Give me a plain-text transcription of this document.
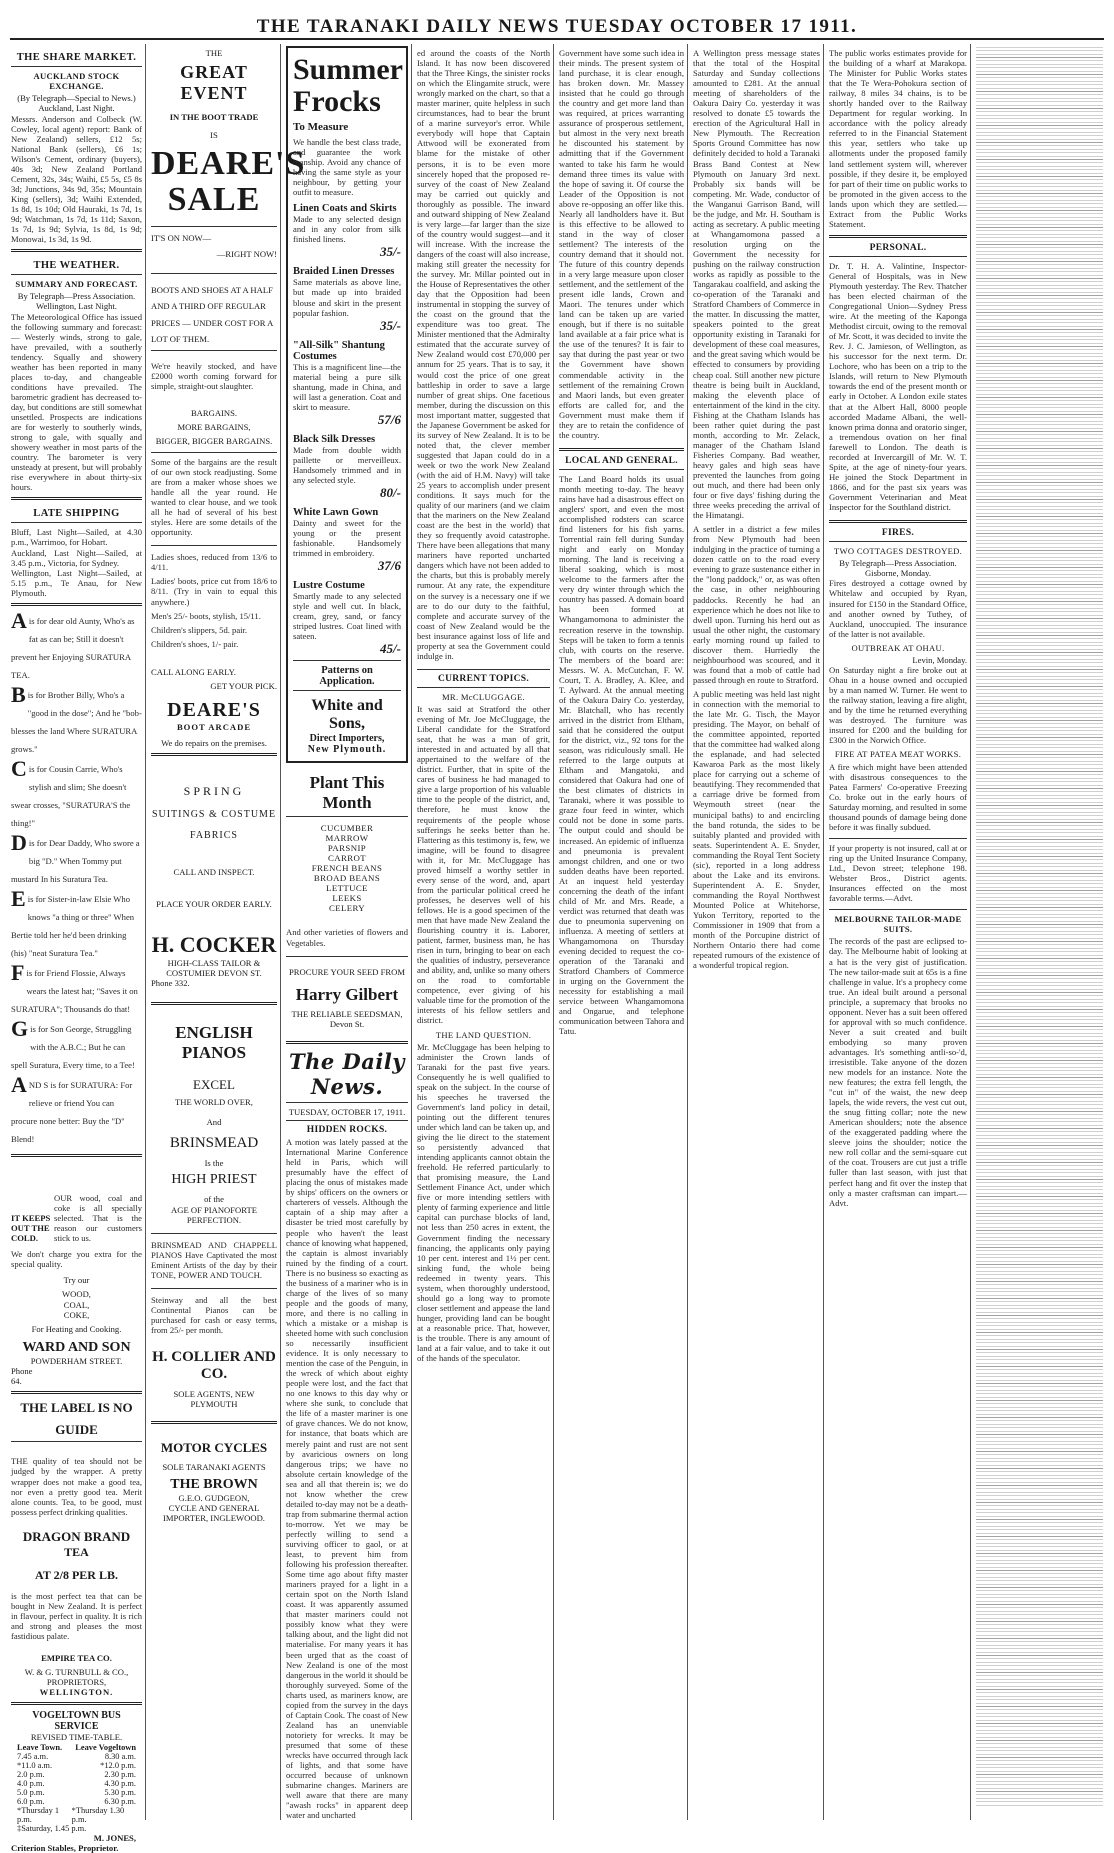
THE TARANAKI DAILY NEWS TUESDAY OCTOBER 17 1911.
THE SHARE MARKET.
AUCKLAND STOCK EXCHANGE.
(By Telegraph—Special to News.) Auckland, Last Night.
Messrs. Anderson and Colbeck (W. Cowley, local agent) report: Bank of New Zealand) sellers, £12 5s; National Bank (sellers), £6 1s; Wilson's Cement, ordinary (buyers), 40s 3d; New Zealand Portland Cement, 32s, 34s; Waihi, £5 5s, £5 8s 3d; Junctions, 34s 9d, 35s; Mountain King (sellers), 3d; Waihi Extended, 1s 8d, 1s 10d; Old Hauraki, 1s 7d, 1s 9d; Watchman, 1s 7d, 1s 11d; Saxon, 1s 7d, 1s 9d; Sylvia, 1s 8d, 1s 9d; Monowai, 1s 3d, 1s 9d.
THE WEATHER.
SUMMARY AND FORECAST.
By Telegraph—Press Association. Wellington, Last Night.
The Meteorological Office has issued the following summary and forecast: — Westerly winds, strong to gale, have prevailed, with a southerly tendency. Squally and showery weather has been reported in many places to-day, and changeable conditions have prevailed. The barometric gradient has decreased to-day, but conditions are still somewhat unsettled. Prospects are indications are for westerly to southerly winds, strong to gale, with squally and showery weather in most parts of the country. The barometer is very unsteady at present, but will probably rise everywhere in about thirty-six hours.
LATE SHIPPING
Bluff, Last Night—Sailed, at 4.30 p.m., Warrimoo, for Hobart.
Auckland, Last Night—Sailed, at 3.45 p.m., Victoria, for Sydney.
Wellington, Last Night—Sailed, at 5.15 p.m., Te Anau, for New Plymouth.
Ais for dear old Aunty, Who's as fat as can be; Still it doesn't prevent her Enjoying SURATURA TEA.
Bis for Brother Billy, Who's a "good in the dose"; And he "bob-blesses the land Where SURATURA grows."
Cis for Cousin Carrie, Who's stylish and slim; She doesn't swear crosses, "SURATURA'S the thing!"
Dis for Dear Daddy, Who swore a big "D." When Tommy put mustard In his Suratura Tea.
Eis for Sister-in-law Elsie Who knows "a thing or three" When Bertie told her he'd been drinking (his) "neat Suratura Tea."
Fis for Friend Flossie, Always wears the latest hat; "Saves it on SURATURA"; Thousands do that!
Gis for Son George, Struggling with the A.B.C.; But he can spell Suratura, Every time, to a Tee!
AND S is for SURATURA: For relieve or friend You can procure none better: Buy the "D" Blend!
IT KEEPS OUT THE COLD.
OUR wood, coal and coke is all specially selected. That is the reason our customers stick to us.
We don't charge you extra for the special quality.
Try our
WOOD,
COAL,
COKE,
For Heating and Cooking.
WARD AND SON
POWDERHAM STREET.
Phone 64.
THE LABEL IS NO
GUIDE
THE quality of tea should not be judged by the wrapper. A pretty wrapper does not make a good tea, nor even a pretty good tea. Merit alone counts. Tea, to be good, must possess perfect drinking qualities.
DRAGON BRAND
TEA
AT 2/8 PER LB.
is the most perfect tea that can be bought in New Zealand. It is perfect in flavour, perfect in quality. It is rich and strong and pleases the most fastidious palate.
EMPIRE TEA CO.
W. & G. TURNBULL & CO.,
PROPRIETORS,
WELLINGTON.
VOGELTOWN BUS SERVICE
REVISED TIME-TABLE.
Leave Town. Leave Vogeltown
7.45 a.m.	8.30 a.m.
*11.0 a.m.	*12.0 p.m.
2.0 p.m.	2.30 p.m.
4.0 p.m.	4.30 p.m.
5.0 p.m.	5.30 p.m.
6.0 p.m.	6.30 p.m.
*Thursday 1 p.m.
*Thursday 1.30 p.m.
‡Saturday, 1.45 p.m.
M. JONES,
Criterion Stables, Proprietor.
THE
GREAT EVENT
IN THE BOOT TRADE
IS
DEARE'S
SALE
IT'S ON NOW—
—RIGHT NOW!
BOOTS AND SHOES AT A HALF AND A THIRD OFF REGULAR PRICES — UNDER COST FOR A LOT OF THEM.
We're heavily stocked, and have £2000 worth coming forward for simple, straight-out slaughter.
BARGAINS.
MORE BARGAINS,
BIGGER, BIGGER BARGAINS.
Some of the bargains are the result of our own stock readjusting. Some are from a maker whose shoes we handle all the year round. He wanted to clear house, and we took all he had of several of his best styles. Here are some details of the opportunity.
Ladies shoes, reduced from 13/6 to 4/11.
Ladies' boots, price cut from 18/6 to 8/11. (Try in vain to equal this anywhere.)
Men's 25/- boots, stylish, 15/11.
Children's slippers, 5d. pair.
Children's shoes, 1/- pair.
CALL ALONG EARLY.
GET YOUR PICK.
DEARE'S
BOOT ARCADE
We do repairs on the premises.
SPRING
SUITINGS & COSTUME
FABRICS
CALL AND INSPECT.
PLACE YOUR ORDER EARLY.
H. COCKER
HIGH-CLASS TAILOR & COSTUMIER DEVON ST.
Phone 332.
ENGLISH PIANOS
EXCEL
THE WORLD OVER,
And
BRINSMEAD
Is the
HIGH PRIEST
of the
AGE OF PIANOFORTE PERFECTION.
BRINSMEAD AND CHAPPELL PIANOS Have Captivated the most Eminent Artists of the day by their TONE, POWER AND TOUCH.
Steinway and all the best Continental Pianos can be purchased for cash or easy terms, from 25/- per month.
H. COLLIER AND CO.
SOLE AGENTS, NEW PLYMOUTH
MOTOR CYCLES
SOLE TARANAKI AGENTS
THE BROWN
G.E.O. GUDGEON,
CYCLE AND GENERAL IMPORTER, INGLEWOOD.
Summer
Frocks
To Measure
We handle the best class trade, and guarantee the work manship. Avoid any chance of having the same style as your neighbour, by getting your outfit to measure.
Linen Coats and Skirts
Made to any selected design and in any color from silk finished linens.
35/-
Braided Linen Dresses
Same materials as above line, but made up into braided blouse and skirt in the present popular fashion.
35/-
"All-Silk" Shantung Costumes
This is a magnificent line—the material being a pure silk shantung, made in China, and will last a generation. Coat and skirt to measure.
57/6
Black Silk Dresses
Made from double width paillette or merveilleux. Handsomely trimmed and in any selected style.
80/-
White Lawn Gown
Dainty and sweet for the young or the present fashionable. Handsomely trimmed in embroidery.
37/6
Lustre Costume
Smartly made to any selected style and well cut. In black, cream, grey, sand, or fancy striped lustres. Coat lined with sateen.
45/-
Patterns on Application.
White and Sons,
Direct Importers,
New Plymouth.
Plant This Month
CUCUMBER
MARROW
PARSNIP
CARROT
FRENCH BEANS
BROAD BEANS
LETTUCE
LEEKS
CELERY
And other varieties of flowers and Vegetables.
PROCURE YOUR SEED FROM
Harry Gilbert
THE RELIABLE SEEDSMAN, Devon St.
The Daily News.
TUESDAY, OCTOBER 17, 1911.
HIDDEN ROCKS.
A motion was lately passed at the International Marine Conference held in Paris, which will presumably have the effect of placing the onus of mistakes made by ships' officers on the owners or charterers of vessels. Although the captain of a ship may after a disaster be tried most carefully by people who haven't the least chance of knowing what happened, the captain is almost invariably ruined by the finding of a court. There is no business so exacting as the business of a mariner who is in charge of the lives of so many people and the goods of many, more, and there is no calling in which a mistake or a mishap is sheeted home with such conclusion so necessarily insufficient evidence. It is only necessary to mention the case of the Penguin, in the wreck of which about eighty people were lost, and the fact that no one knows to this day why or where she sunk, to conclude that the life of a master mariner is one of grave chances. We do not know, for instance, that boats which are merely paint and rust are not sent by avaricious owners on long dangerous trips; we have no absolute certain knowledge of the sea and all that therein is; we do not know whether the crew detailed to-day may not be a death-trap from submarine thermal action to-morrow. Yet we may be perfectly willing to send a surviving officer to gaol, or at least, to prevent him from following his profession thereafter. Some time ago about fifty master mariners prayed for a light in a certain spot on the North Island coast. It was apparently assumed that master mariners could not possibly know what they were talking about, and the light did not materialise. For many years it has been urged that as the coast of New Zealand is one of the most dangerous in the world it should be thoroughly surveyed. Some of the charts used, as mariners know, are copied from the survey in the days of Captain Cook. The coast of New Zealand has an unenviable notoriety for wrecks. It may be presumed that some of these wrecks have occurred through lack of lights, and that some have occurred because of unknown submarine changes. Mariners are well aware that there are many "awash rocks" in apparent deep water and uncharted
ed around the coasts of the North Island. It has now been discovered that the Three Kings, the sinister rocks on which the Elingamite struck, were wrongly marked on the chart, so that a master mariner, quite helpless in such circumstances, had to bear the brunt of a marine surveyor's error. While everybody will hope that Captain Attwood will be exonerated from blame for the mistake of other persons, it is to be even more sincerely hoped that the proposed re-survey of the coast of New Zealand may be carried out quickly and thoroughly as possible. The inward and outward shipping of New Zealand is very large—far larger than the size of the country would suggest—and it will increase. With the increase the dangers of the coast will also increase, making still greater the necessity for the survey. Mr. Millar pointed out in the House of Representatives the other day that the Opposition had been instrumental in stopping the survey of the coast on the ground that the expenditure was too great. The Minister mentioned that the Admiralty estimated that the accurate survey of New Zealand would cost £70,000 per annum for 25 years. That is to say, it would cost the price of one great battleship in order to save a large number of great ships. One facetious member, during the discussion on this most important matter, suggested that the Japanese Government be asked for its survey of New Zealand. It is to be noted that, the clever member suggested that Japan could do in a week or two the work New Zealand (with the aid of H.M. Navy) will take 25 years to accomplish under present conditions. It says much for the quality of our mariners (and we claim that the mariners on the New Zealand coast are the best in the world) that they so frequently avoid catastrophe. There have been allegations that many mariners have reported uncharted dangers which have not been added to the charts, but this is probably merely rumour. At any rate, the expenditure on the survey is a necessary one if we are to do our duty to the faithful, complete and accurate survey of the coast of New Zealand would be the best insurance against loss of life and property at sea the Government could indulge in.
CURRENT TOPICS.
MR. McCLUGGAGE.
It was said at Stratford the other evening of Mr. Joe McCluggage, the Liberal candidate for the Stratford seat, that he was a man of grit, interested in and actuated by all that appertained to the welfare of the district. Further, that in spite of the cares of business he had managed to give a large proportion of his valuable time to the people of the district, and, therefore, he must know the requirements of the people whose sufferings he seeks better than he. Flattering as this testimony is, few, we imagine, will be found to disagree with it, for Mr. McCluggage has proved himself a worthy settler in every sense of the word, and, apart from the particular political creed he professes, he deserves well of his fellows. He is a good specimen of the men that have made New Zealand the flourishing country it is. Laborer, patient, farmer, business man, he has risen in turn, bringing to bear on each the qualities of industry, perseverance and ability, and, unlike so many others on the road to comfortable competence, ever giving of his valuable time for the promotion of the interests of his fellow settlers and district.
THE LAND QUESTION.
Mr. McCluggage has been helping to administer the Crown lands of Taranaki for the past five years. Consequently he is well qualified to speak on the subject. In the course of his speeches he traversed the Government's land policy in detail, pointing out the different tenures under which land can be taken up, and giving the lie direct to the statement so persistently advanced that intending applicants cannot obtain the freehold. He referred particularly to that promising measure, the Land Settlement Finance Act, under which five or more intending settlers with plenty of farming experience and little capital can purchase blocks of land, not less than 250 acres in extent, the Government finding the necessary financing, the applicants only paying 10 per cent. interest and 1½ per cent. sinking fund, the whole being redeemed in twenty years. This system, when thoroughly understood, should go a long way to promote closer settlement and appease the land hunger, providing land can be bought at a reasonable price. That, however, is the trouble. There is any amount of land at a fair value, and to take it out of the hands of the speculator.
Government have some such idea in their minds. The present system of land purchase, it is clear enough, has broken down. Mr. Massey insisted that he could go through the country and get more land than was required, at prices warranting assurance of prosperous settlement, but almost in the very next breath he discounted his statement by admitting that if the Government wanted to take his farm he would demand three times its value with the hope of saving it. Of course the Leader of the Opposition is not above re-opposing an offer like this. Nearly all landholders have it. But is this effective to be allowed to stand in the way of closer settlement? The interests of the country demand that it should not. The future of this country depends in a very large measure upon closer settlement, and the settlement of the present idle lands, Crown and Maori. The tenures under which land can be taken up are varied enough, but if there is no suitable land available at a fair price what is the use of the tenures? It is fair to say that during the past year or two the Government have shown commendable activity in the settlement of the remaining Crown and Maori lands, but even greater efforts are called for, and the Government must make them if they are to retain the confidence of the country.
LOCAL AND GENERAL.
The Land Board holds its usual month meeting to-day. The heavy rains have had a disastrous effect on anglers' sport, and even the most accomplished rodsters can scarce find listeners for his fish yarns. Torrential rain fell during Sunday night and early on Monday morning. The land is receiving a liberal soaking, which is most welcome to the farmers after the very dry winter through which the country has passed. A domain board has been formed at Whangamomona to administer the recreation reserve in the township. Steps will be taken to form a tennis club, with courts on the reserve. The members of the board are: Messrs. W. A. McCutchan, F. W. Court, T. A. Bradley, A. Klee, and T. Aylward. At the annual meeting of the Oakura Dairy Co. yesterday, Mr. Blatchall, who has recently arrived in the district from Eltham, said that he considered the output for the district, viz., 92 tons for the season, was ridiculously small. He referred to the large outputs at Eltham and Mangatoki, and considered that Oakura had one of the best climates of districts in Taranaki, where it was possible to graze four feed in winter, which could not be done in some parts. The output could and should be increased. An epidemic of influenza and pneumonia is prevalent amongst children, and one or two sudden deaths have been reported. At an inquest held yesterday concerning the death of the infant child of Mr. and Mrs. Reade, a verdict was returned that death was due to pneumonia supervening on influenza. A meeting of settlers at Whangamomona on Thursday evening decided to request the co-operation of the Taranaki and Stratford Chambers of Commerce in urging on the Government the necessity for establishing a mail service between Whangamomona and Ongarue, and telephone communication between Tahora and Tatu.
A Wellington press message states that the total of the Hospital Saturday and Sunday collections amounted to £281. At the annual meeting of shareholders of the Oakura Dairy Co. yesterday it was resolved to donate £5 towards the erection of the Agricultural Hall in New Plymouth. The Recreation Sports Ground Committee has now definitely decided to hold a Taranaki Brass Band Contest at New Plymouth on January 3rd next. Probably six bands will be competing. Mr. Wade, conductor of the Wanganui Garrison Band, will be the judge, and Mr. H. Southam is acting as secretary. A public meeting at Whangamomona passed a resolution urging on the Government the necessity for pushing on the railway construction works as rapidly as possible to the Tangarakau coalfield, and asking the co-operation of the Taranaki and Stratford Chambers of Commerce in the matter. In discussing the matter, speakers pointed to the great opportunity existing in Taranaki for development of these coal measures, and the great saving which would be effected to consumers by providing cheap coal. Still another new picture theatre is being built in Auckland, making the eleventh place of entertainment of the kind in the city. Fishing at the Chatham Islands has been rather quiet during the past month, according to Mr. Zelack, manager of the Chatham Island Fisheries Company. Bad weather, heavy gales and high seas have prevented the launches from going out much, and there had been only four or five days' fishing during the three weeks preceding the arrival of the Himatangi.
A settler in a district a few miles from New Plymouth had been indulging in the practice of turning a dozen cattle on to the road every evening to graze sustenance either in the "long paddock," or, as was often the case, in other neighbouring paddocks. Recently he had an experience which he does not like to dwell upon. Turning his herd out as usual the other night, the customary early morning round up failed to discover them. Hurriedly the neighbourhood was scoured, and it was found that a mob of cattle had passed through en route to Stratford.
A public meeting was held last night in connection with the memorial to the late Mr. G. Tisch, the Mayor presiding. The Mayor, on behalf of the committee appointed, reported that the committee had walked along the esplanade, and had selected Kawaroa Park as the most likely place for carrying out a scheme of beautifying. They recommended that a carriage drive be formed from Weymouth street (near the municipal baths) to and encircling the band rotunda, the sides to be suitably planted and provided with seats. Superintendent A. E. Snyder, commanding the Royal Tent Society (sic), reported in a long address about the Lake and its environs. Superintendent A. E. Snyder, commanding the Royal Northwest Mounted Police at Whitehorse, Yukon Territory, reported to the Commissioner in 1909 that from a month of the Porcupine district of Northern Ontario there had come repeated rumours of the existence of a wonderful tropical region.
The public works estimates provide for the building of a wharf at Marakopa. The Minister for Public Works states that the Te Wera-Pohokura section of railway, 8 miles 34 chains, is to be shortly handed over to the Railway Department for regular working. In accordance with the policy already referred to in the Financial Statement this year, settlers who take up allotments under the proposed family land settlement system will, wherever possible, if they desire it, be employed for part of their time on public works to be promoted in the given access to the lands upon which they are settled.—Extract from the Public Works Statement.
PERSONAL.
Dr. T. H. A. Valintine, Inspector-General of Hospitals, was in New Plymouth yesterday. The Rev. Thatcher has been elected chairman of the Congregational Union—Sydney Press wire. At the meeting of the Kaponga Methodist circuit, owing to the removal of Mr. Scott, it was decided to invite the Rev. J. C. Jamieson, of Wellington, as his successor for the next term. Dr. Lochore, who has been on a trip to the Islands, will return to New Plymouth towards the end of the present month or early in October. A London exile states that at the Albert Hall, 8000 people accorded Madame Albani, the well-known prima donna and oratorio singer, a tremendous ovation on her final farewell to London. The death is recorded at Invercargill of Mr. W. T. Spite, at the age of ninety-four years. He joined the Stock Department in 1866, and for the past six years was Government Veterinarian and Meat Inspector for the Southland district.
FIRES.
TWO COTTAGES DESTROYED.
By Telegraph—Press Association. Gisborne, Monday.
Fires destroyed a cottage owned by Whitelaw and occupied by Ryan, insured for £150 in the Standard Office, and another owned by Tuthey, of Auckland, unoccupied. The insurance of the latter is not available.
OUTBREAK AT OHAU.
Levin, Monday.
On Saturday night a fire broke out at Ohau in a house owned and occupied by a man named W. Turner. He went to the railway station, leaving a fire alight, and by the time he returned everything was destroyed. The furniture was insured for £200 and the building for £300 in the Norwich Office.
FIRE AT PATEA MEAT WORKS.
A fire which might have been attended with disastrous consequences to the Patea Farmers' Co-operative Freezing Co. broke out in the early hours of Saturday morning, and resulted in some thousand pounds of damage being done before it was finally subdued.
If your property is not insured, call at or ring up the United Insurance Company, Ltd., Devon street; telephone 198. Webster Bros., District agents. Insurances effected on the most favorable terms.—Advt.
MELBOURNE TAILOR-MADE SUITS.
The records of the past are eclipsed to-day. The Melbourne habit of looking at a hat is the very gist of justification. The new tailor-made suit at 65s is a fine challenge in value. It's a prophecy come true. An ideal built around a personal principle, a supremacy that brooks no opponent. Never has a suit been offered for approval with so much confidence. Never a suit created and built embodying so many proven advantages. It's something antli-so-'d, irresistible. Take anyone of the dozen new models for an instance. Note the new features; the extra fell length, the "cut in" of the waist, the new deep lapels, the wide revers, the vest cut out, the snug fitting collar; note the new American shoulders; note the absence of the exaggerated padding where the sleeve joins the shoulder; notice the new roll collar and the semi-square cut of the coat. Trousers are cut just a trifle fuller than last season, with just that perfect hang and fit over the instep that only a master craftsman can impart.—Advt.
